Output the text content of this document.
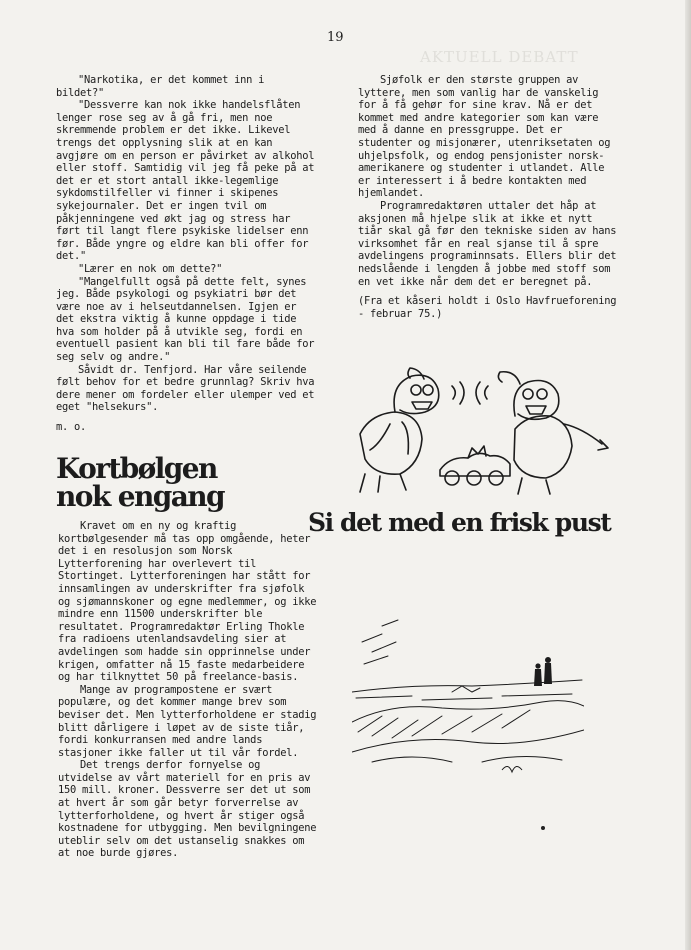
AKTUELL DEBATT
19

"Narkotika, er det kommet inn i bildet?"

"Dessverre kan nok ikke handelsflåten lenger rose seg av å gå fri, men noe skremmende problem er det ikke. Likevel trengs det opplysning slik at en kan avgjøre om en person er påvirket av alkohol eller stoff. Samtidig vil jeg få peke på at det er et stort antall ikke-legemlige sykdomstilfeller vi finner i skipenes sykejournaler. Det er ingen tvil om påkjenningene ved økt jag og stress har ført til langt flere psykiske lidelser enn før. Både yngre og eldre kan bli offer for det."

"Lærer en nok om dette?"

"Mangelfullt også på dette felt, synes jeg. Både psykologi og psykiatri bør det være noe av i helseutdannelsen. Igjen er det ekstra viktig å kunne oppdage i tide hva som holder på å utvikle seg, fordi en eventuell pasient kan bli til fare både for seg selv og andre."

Såvidt dr. Tenfjord. Har våre seilende følt behov for et bedre grunnlag? Skriv hva dere mener om fordeler eller ulemper ved et eget "helsekurs".

m. o.

Sjøfolk er den største gruppen av lyttere, men som vanlig har de vanskelig for å få gehør for sine krav. Nå er det kommet med andre kategorier som kan være med å danne en pressgruppe. Det er studenter og misjonærer, utenriksetaten og uhjelpsfolk, og endog pensjonister norsk-amerikanere og studenter i utlandet. Alle er interessert i å bedre kontakten med hjemlandet.

Programredaktøren uttaler det håp at aksjonen må hjelpe slik at ikke et nytt tiår skal gå før den tekniske siden av hans virksomhet får en real sjanse til å spre avdelingens programinnsats. Ellers blir det nedslående i lengden å jobbe med stoff som en vet ikke når dem det er beregnet på.

(Fra et kåseri holdt i Oslo Havfrueforening - februar 75.)

Kortbølgen
nok engang

Kravet om en ny og kraftig kortbølgesender må tas opp omgående, heter det i en resolusjon som Norsk Lytterforening har overlevert til Stortinget. Lytterforeningen har stått for innsamlingen av underskrifter fra sjøfolk og sjømannskoner og egne medlemmer, og ikke mindre enn 11500 underskrifter ble resultatet. Programredaktør Erling Thokle fra radioens utenlandsavdeling sier at avdelingen som hadde sin opprinnelse under krigen, omfatter nå 15 faste medarbeidere og har tilknyttet 50 på freelance-basis.

Mange av programpostene er svært populære, og det kommer mange brev som beviser det. Men lytterforholdene er stadig blitt dårligere i løpet av de siste tiår, fordi konkurransen med andre lands stasjoner ikke faller ut til vår fordel.

Det trengs derfor fornyelse og utvidelse av vårt materiell for en pris av 150 mill. kroner. Dessverre ser det ut som at hvert år som går betyr forverrelse av lytterforholdene, og hvert år stiger også kostnadene for utbygging. Men bevilgningene uteblir selv om det ustanselig snakkes om at noe burde gjøres.

Si det med en frisk pust
